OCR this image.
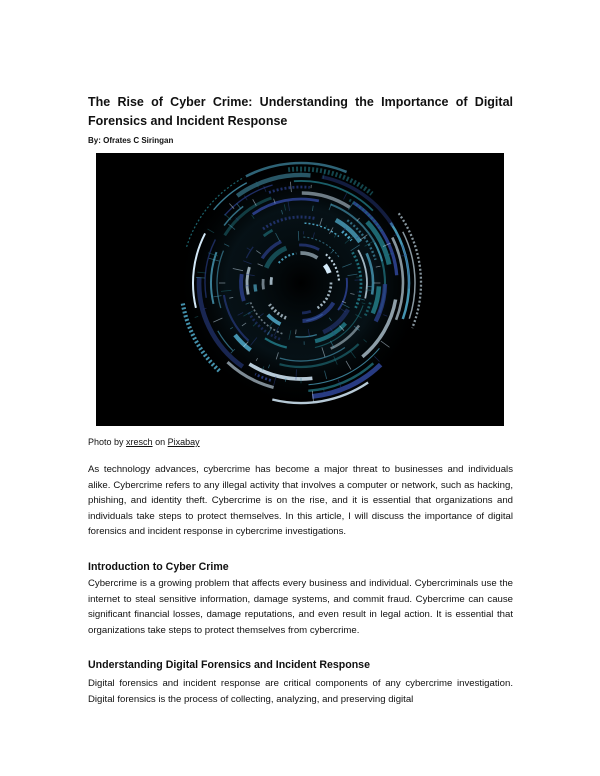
The Rise of Cyber Crime: Understanding the Importance of Digital Forensics and Incident Response

By: Ofrates C Siringan

Photo by xresch on Pixabay

As technology advances, cybercrime has become a major threat to businesses and individuals alike. Cybercrime refers to any illegal activity that involves a computer or network, such as hacking, phishing, and identity theft. Cybercrime is on the rise, and it is essential that organizations and individuals take steps to protect themselves. In this article, I will discuss the importance of digital forensics and incident response in cybercrime investigations.

Introduction to Cyber Crime

Cybercrime is a growing problem that affects every business and individual. Cybercriminals use the internet to steal sensitive information, damage systems, and commit fraud. Cybercrime can cause significant financial losses, damage reputations, and even result in legal action. It is essential that organizations take steps to protect themselves from cybercrime.

Understanding Digital Forensics and Incident Response

Digital forensics and incident response are critical components of any cybercrime investigation. Digital forensics is the process of collecting, analyzing, and preserving digital
